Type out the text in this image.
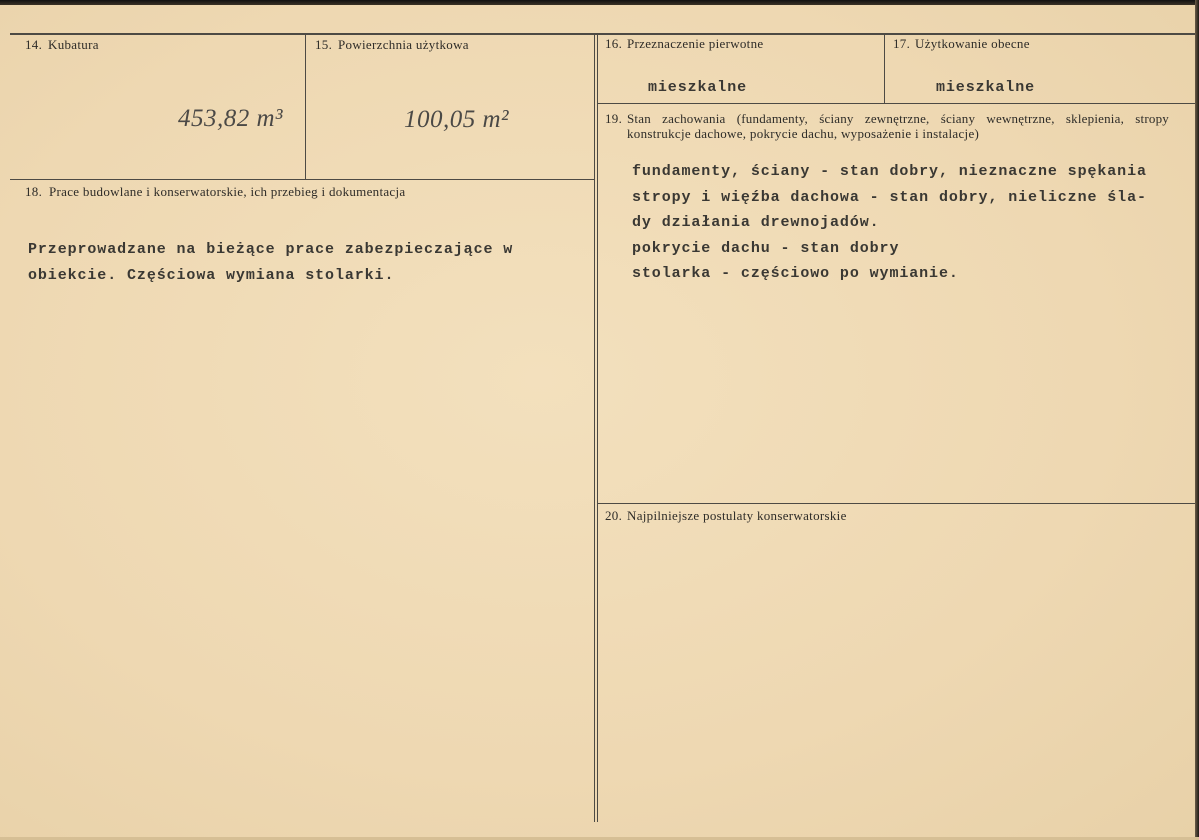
14. Kubatura
453,82 m³
15. Powierzchnia użytkowa
100,05 m²
16. Przeznaczenie pierwotne
mieszkalne
17. Użytkowanie obecne
mieszkalne
18. Prace budowlane i konserwatorskie, ich przebieg i dokumentacja
Przeprowadzane na bieżące prace zabezpieczające w
obiekcie. Częściowa wymiana stolarki.
19. Stan zachowania (fundamenty, ściany zewnętrzne, ściany wewnętrzne, sklepienia, stropy
konstrukcje dachowe, pokrycie dachu, wyposażenie i instalacje)
fundamenty, ściany - stan dobry, nieznaczne spękania
stropy i więźba dachowa - stan dobry, nieliczne śla-
dy działania drewnojadów.
pokrycie dachu - stan dobry
stolarka - częściowo po wymianie.
20. Najpilniejsze postulaty konserwatorskie
